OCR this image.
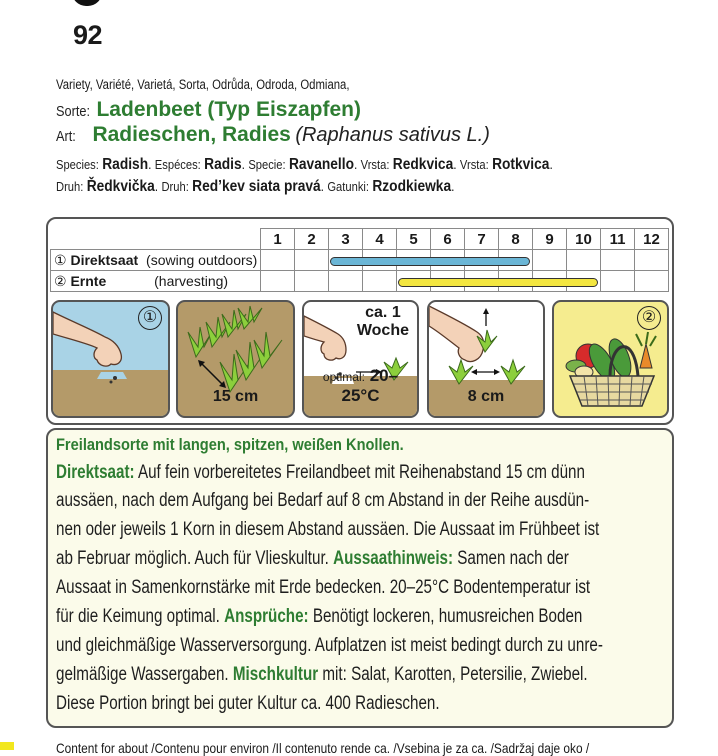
92
Variety, Variété, Varietá, Sorta, Odrůda, Odroda, Odmiana,
Sorte: Ladenbeet (Typ Eiszapfen)
Art: Radieschen, Radies (Raphanus sativus L.)
Species: Radish. Espéces: Radis. Specie: Ravanello. Vrsta: Redkvica. Vrsta: Rotkvica.
Druh: Ředkvička. Druh: Red’kev siata pravá. Gatunki: Rzodkiewka.
	1	2	3	4	5	6	7	8	9	10	11	12
① Direktsaat (sowing outdoors)												
② Ernte (harvesting)												
①
15 cm
ca. 1
Woche
optimal: 20–25°C	8 cm
②
Freilandsorte mit langen, spitzen, weißen Knollen.
Direktsaat: Auf fein vorbereitetes Freilandbeet mit Reihenabstand 15 cm dünn
aussäen, nach dem Aufgang bei Bedarf auf 8 cm Abstand in der Reihe ausdün-
nen oder jeweils 1 Korn in diesem Abstand aussäen. Die Aussaat im Frühbeet ist
ab Februar möglich. Auch für Vlieskultur. Aussaathinweis: Samen nach der
Aussaat in Samenkornstärke mit Erde bedecken. 20–25°C Bodentemperatur ist
für die Keimung optimal. Ansprüche: Benötigt lockeren, humusreichen Boden
und gleichmäßige Wasserversorgung. Aufplatzen ist meist bedingt durch zu unre-
gelmäßige Wassergaben. Mischkultur mit: Salat, Karotten, Petersilie, Zwiebel.
Diese Portion bringt bei guter Kultur ca. 400 Radieschen.
Content for about /Contenu pour environ /Il contenuto rende ca. /Vsebina je za ca. /Sadržaj daje oko /
